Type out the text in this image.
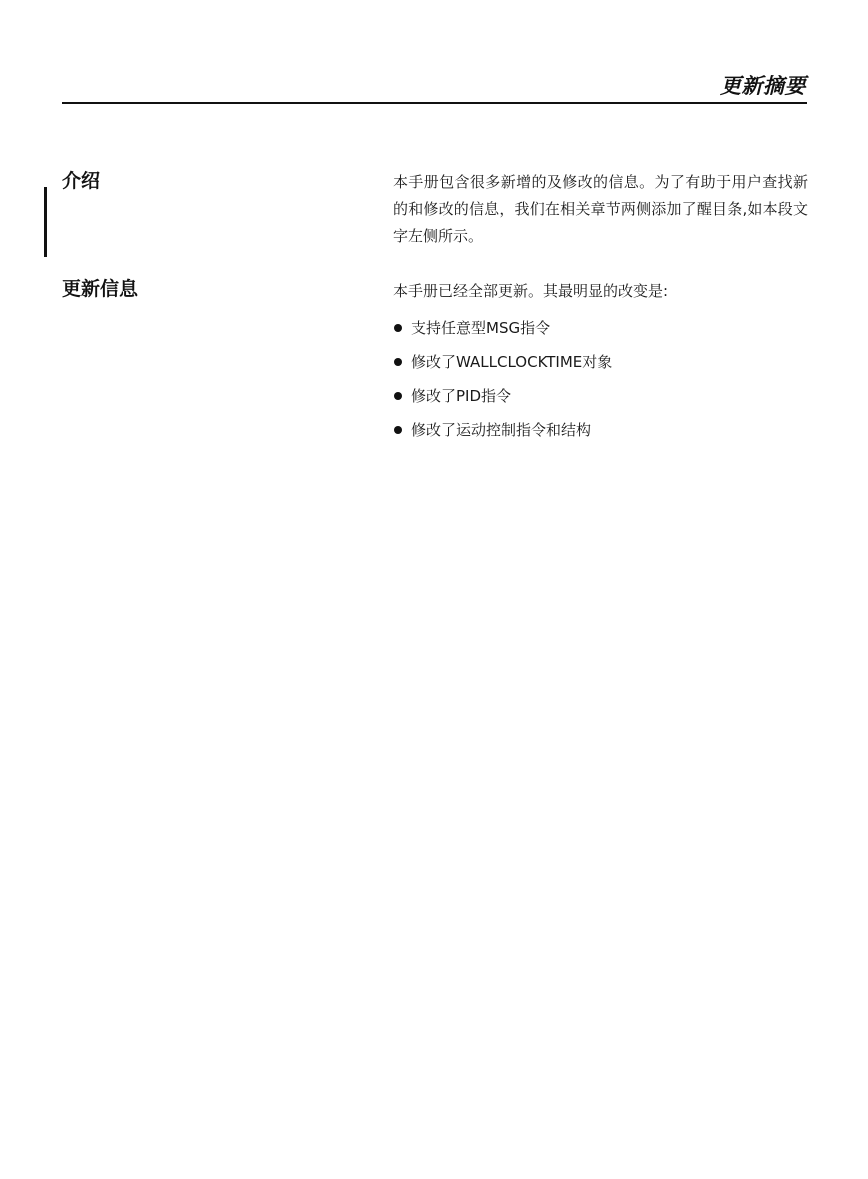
更新摘要
介绍	本手册包含很多新增的及修改的信息。为了有助于用户查找新的和修改的信息，我们在相关章节两侧添加了醒目条,如本段文字左侧所示。
更新信息	本手册已经全部更新。其最明显的改变是:
支持任意型MSG指令
修改了WALLCLOCKTIME对象
修改了PID指令
修改了运动控制指令和结构
